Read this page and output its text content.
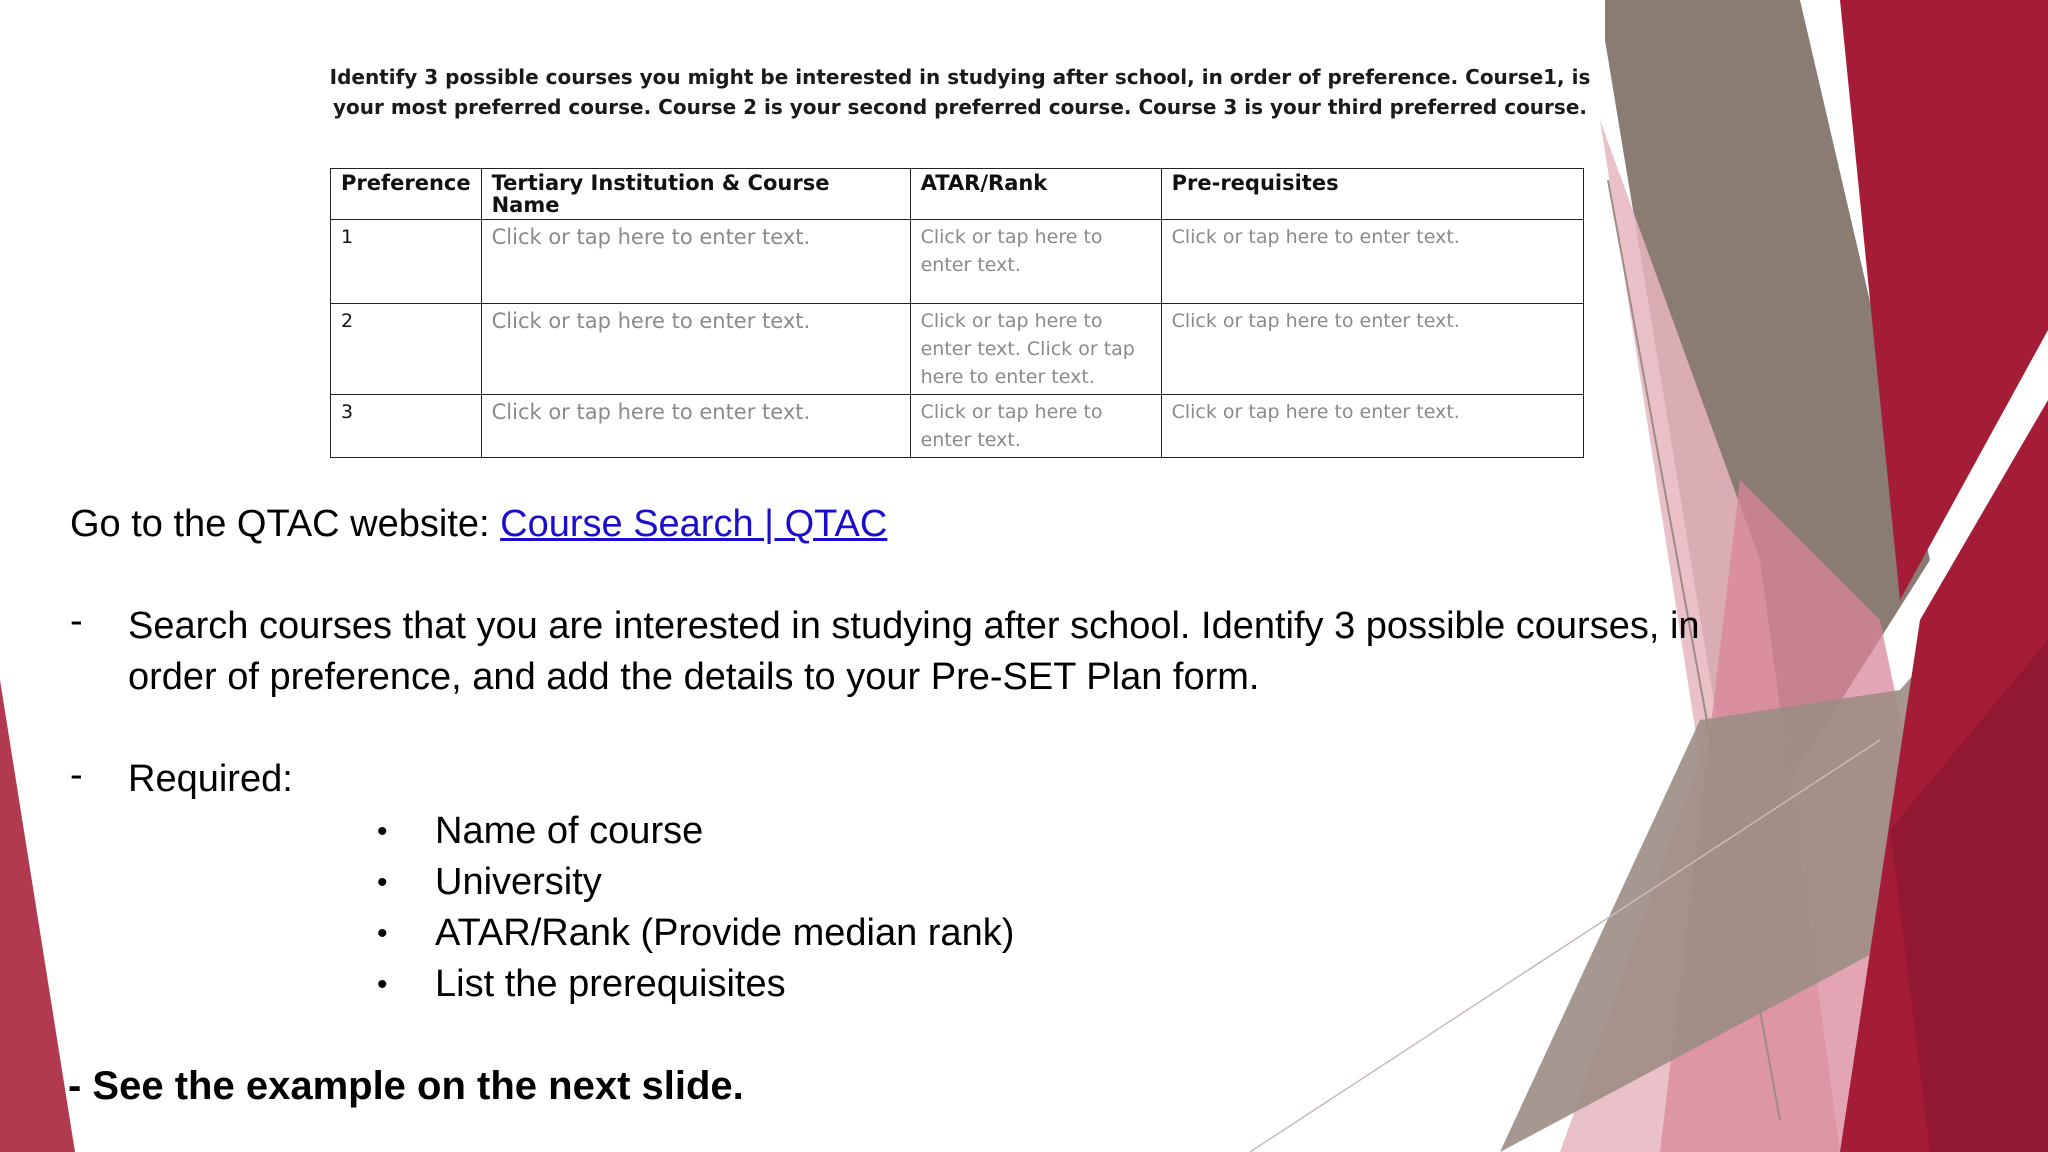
Identify 3 possible courses you might be interested in studying after school, in order of preference. Course1, is your most preferred course. Course 2 is your second preferred course. Course 3 is your third preferred course.
Preference	Tertiary Institution & Course Name	ATAR/Rank	Pre-requisites
1	Click or tap here to enter text.	Click or tap here to enter text.	Click or tap here to enter text.
2	Click or tap here to enter text.	Click or tap here to enter text. Click or tap here to enter text.	Click or tap here to enter text.
3	Click or tap here to enter text.	Click or tap here to enter text.	Click or tap here to enter text.
Go to the QTAC website: Course Search | QTAC
- Search courses that you are interested in studying after school. Identify 3 possible courses, in
order of preference, and add the details to your Pre-SET Plan form.
- Required:
• Name of course
• University
• ATAR/Rank (Provide median rank)
• List the prerequisites
- See the example on the next slide.
